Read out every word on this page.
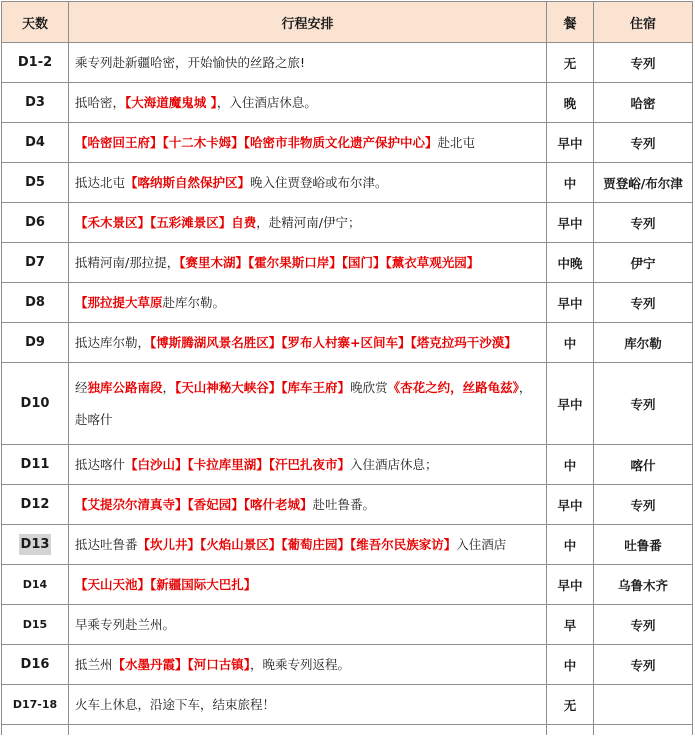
天数	行程安排	餐	住宿
D1-2	乘专列赴新疆哈密，开始愉快的丝路之旅!	无	专列
D3	抵哈密，【大海道魔鬼城 】，入住酒店休息。	晚	哈密
D4	【哈密回王府】【十二木卡姆】【哈密市非物质文化遗产保护中心】赴北屯	早中	专列
D5	抵达北屯【喀纳斯自然保护区】晚入住贾登峪或布尔津。	中	贾登峪/布尔津
D6	【禾木景区】【五彩滩景区】自费，赴精河南/伊宁；	早中	专列
D7	抵精河南/那拉提，【赛里木湖】【霍尔果斯口岸】【国门】【薰衣草观光园】	中晚	伊宁
D8	【那拉提大草原赴库尔勒。	早中	专列
D9	抵达库尔勒，【博斯腾湖风景名胜区】【罗布人村寨+区间车】【塔克拉玛干沙漠】	中	库尔勒
D10	经独库公路南段，【天山神秘大峡谷】【库车王府】晚欣赏《杏花之约，丝路龟兹》，赴喀什	早中	专列
D11	抵达喀什【白沙山】【卡拉库里湖】【汗巴扎夜市】入住酒店休息；	中	喀什
D12	【艾提尕尔清真寺】【香妃园】【喀什老城】赴吐鲁番。	早中	专列
D13	抵达吐鲁番【坎儿井】【火焰山景区】【葡萄庄园】【维吾尔民族家访】入住酒店	中	吐鲁番
D14	【天山天池】【新疆国际大巴扎】	早中	乌鲁木齐
D15	早乘专列赴兰州。	早	专列
D16	抵兰州【水墨丹霞】【河口古镇】，晚乘专列返程。	中	专列
D17-18	火车上休息，沿途下车，结束旅程！	无	
